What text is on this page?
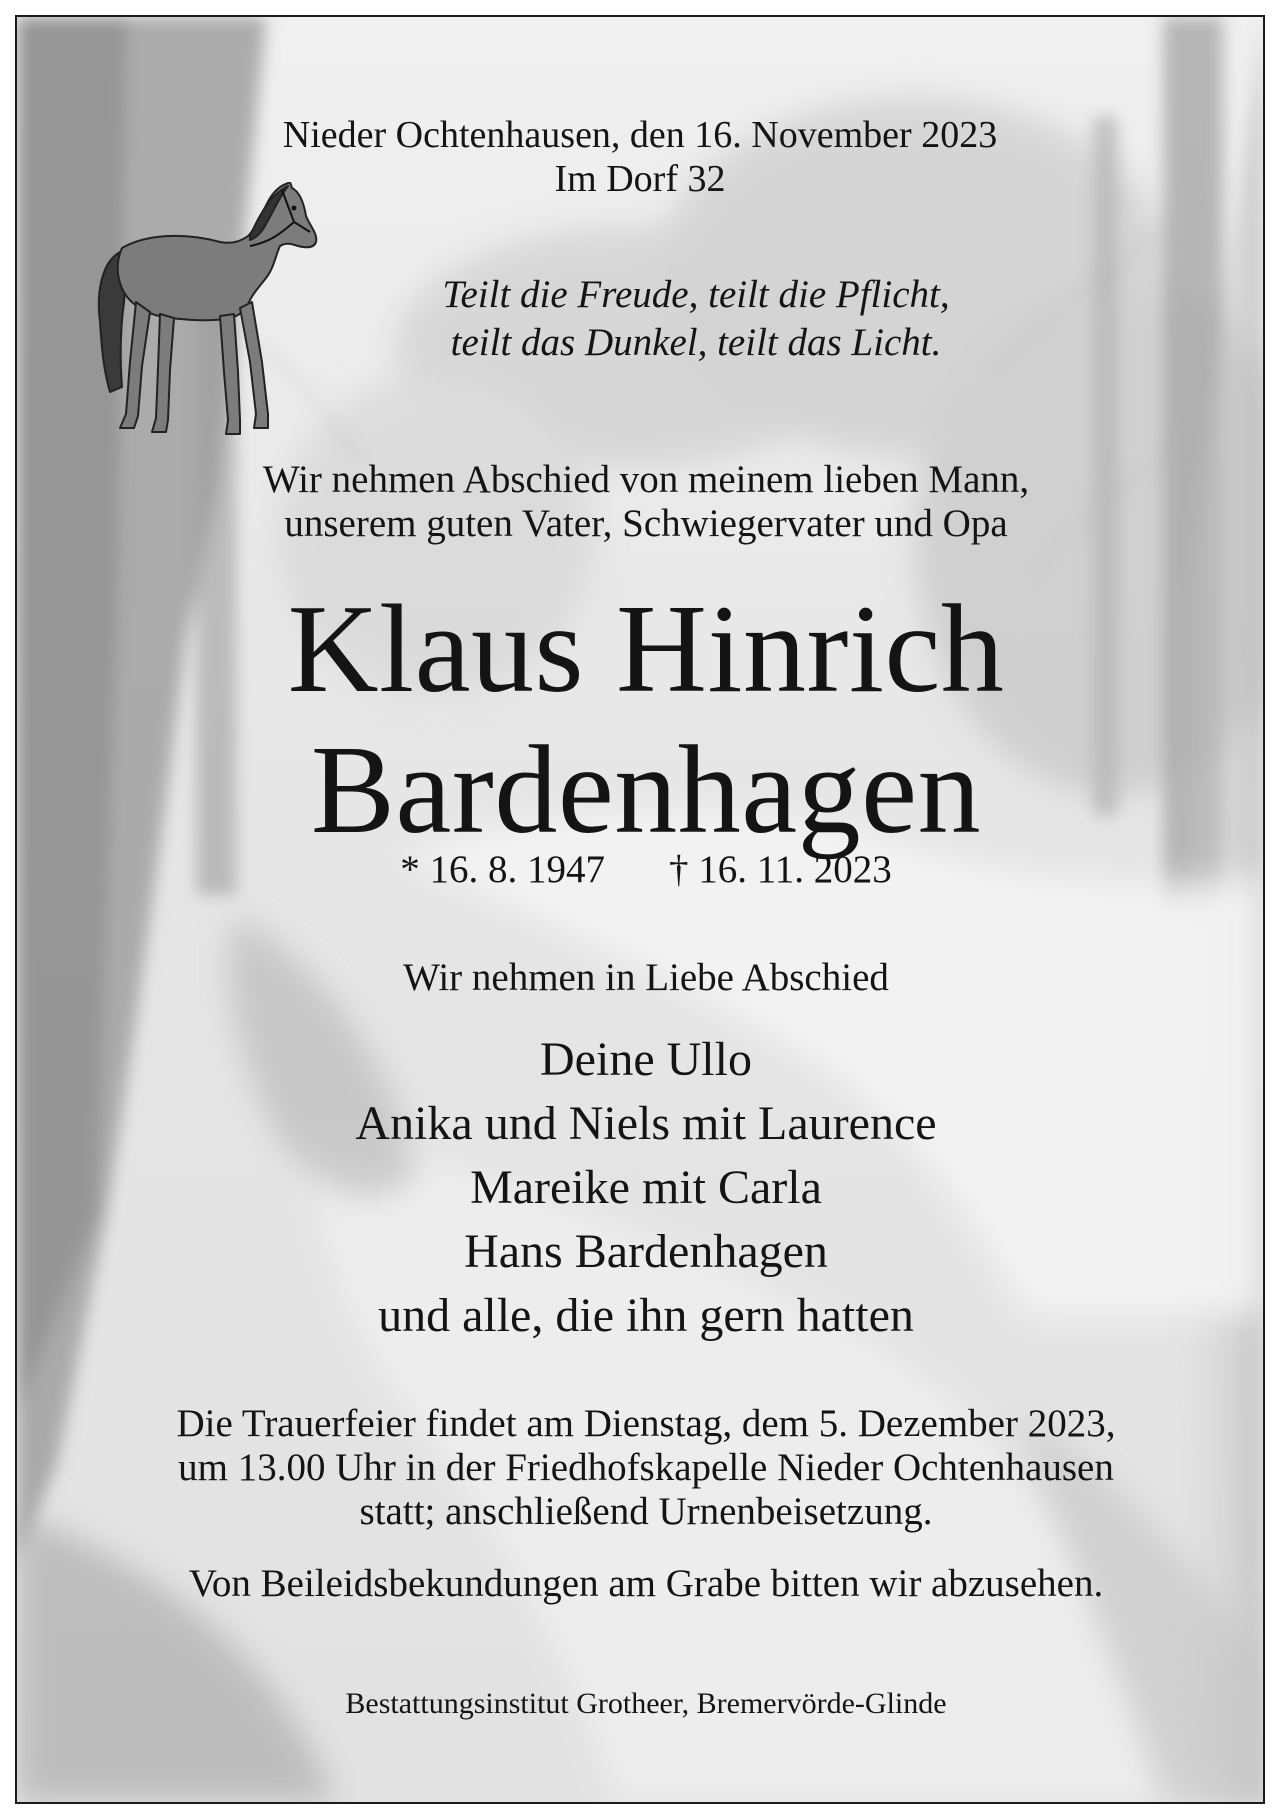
Nieder Ochtenhausen, den 16. November 2023
Im Dorf 32
Teilt die Freude, teilt die Pflicht,
teilt das Dunkel, teilt das Licht.
Wir nehmen Abschied von meinem lieben Mann,
unserem guten Vater, Schwiegervater und Opa
Klaus Hinrich
Bardenhagen
* 16. 8. 1947 † 16. 11. 2023
Wir nehmen in Liebe Abschied
Deine Ullo
Anika und Niels mit Laurence
Mareike mit Carla
Hans Bardenhagen
und alle, die ihn gern hatten
Die Trauerfeier findet am Dienstag, dem 5. Dezember 2023,
um 13.00 Uhr in der Friedhofskapelle Nieder Ochtenhausen
statt; anschließend Urnenbeisetzung.
Von Beileidsbekundungen am Grabe bitten wir abzusehen.
Bestattungsinstitut Grotheer, Bremervörde-Glinde
